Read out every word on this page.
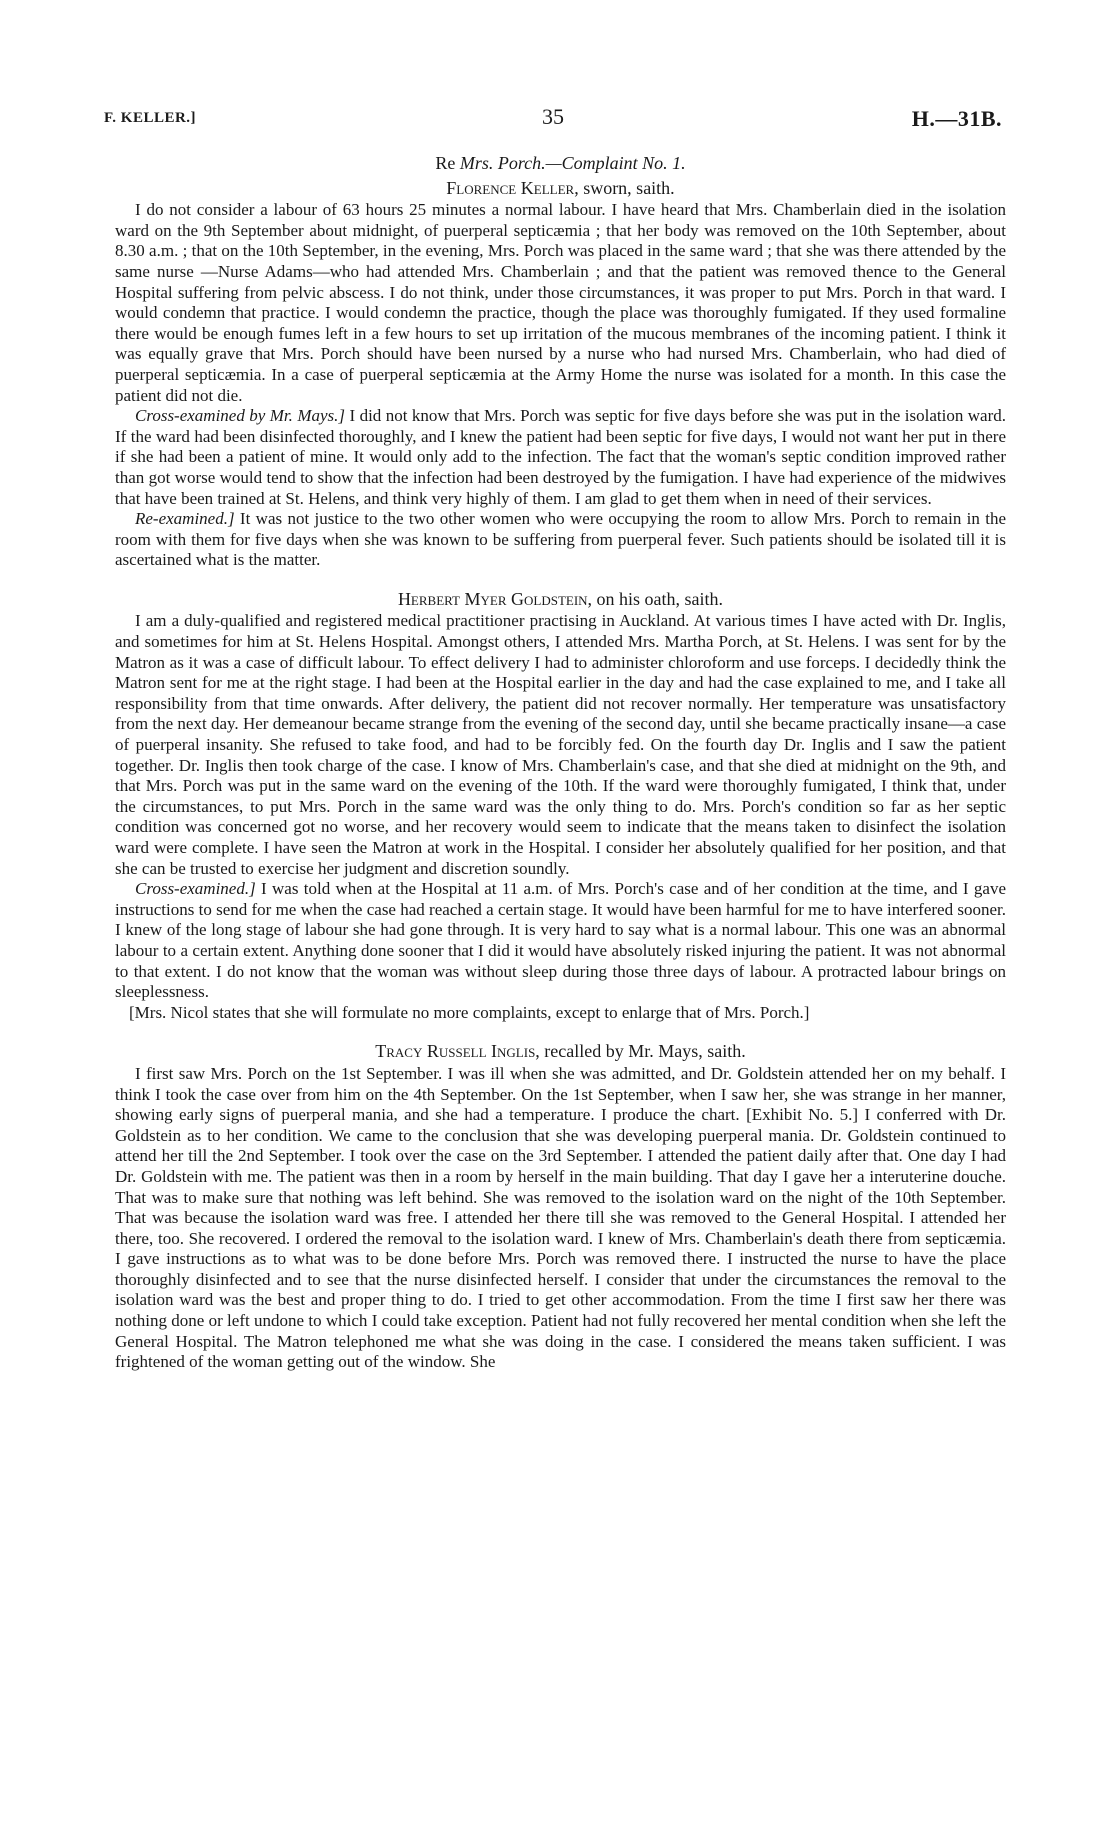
F. KELLER.]	35	H.—31B.
Re Mrs. Porch.—Complaint No. 1.
Florence Keller, sworn, saith.

I do not consider a labour of 63 hours 25 minutes a normal labour. I have heard that Mrs. Chamberlain died in the isolation ward on the 9th September about midnight, of puerperal septicæmia ; that her body was removed on the 10th September, about 8.30 a.m. ; that on the 10th September, in the evening, Mrs. Porch was placed in the same ward ; that she was there attended by the same nurse —Nurse Adams—who had attended Mrs. Chamberlain ; and that the patient was removed thence to the General Hospital suffering from pelvic abscess. I do not think, under those circumstances, it was proper to put Mrs. Porch in that ward. I would condemn that practice. I would condemn the practice, though the place was thoroughly fumigated. If they used formaline there would be enough fumes left in a few hours to set up irritation of the mucous membranes of the incoming patient. I think it was equally grave that Mrs. Porch should have been nursed by a nurse who had nursed Mrs. Chamberlain, who had died of puerperal septicæmia. In a case of puerperal septicæmia at the Army Home the nurse was isolated for a month. In this case the patient did not die.

Cross-examined by Mr. Mays.] I did not know that Mrs. Porch was septic for five days before she was put in the isolation ward. If the ward had been disinfected thoroughly, and I knew the patient had been septic for five days, I would not want her put in there if she had been a patient of mine. It would only add to the infection. The fact that the woman's septic condition improved rather than got worse would tend to show that the infection had been destroyed by the fumigation. I have had experience of the midwives that have been trained at St. Helens, and think very highly of them. I am glad to get them when in need of their services.

Re-examined.] It was not justice to the two other women who were occupying the room to allow Mrs. Porch to remain in the room with them for five days when she was known to be suffering from puerperal fever. Such patients should be isolated till it is ascertained what is the matter.

Herbert Myer Goldstein, on his oath, saith.

I am a duly-qualified and registered medical practitioner practising in Auckland. At various times I have acted with Dr. Inglis, and sometimes for him at St. Helens Hospital. Amongst others, I attended Mrs. Martha Porch, at St. Helens. I was sent for by the Matron as it was a case of difficult labour. To effect delivery I had to administer chloroform and use forceps. I decidedly think the Matron sent for me at the right stage. I had been at the Hospital earlier in the day and had the case explained to me, and I take all responsibility from that time onwards. After delivery, the patient did not recover normally. Her temperature was unsatisfactory from the next day. Her demeanour became strange from the evening of the second day, until she became practically insane—a case of puerperal insanity. She refused to take food, and had to be forcibly fed. On the fourth day Dr. Inglis and I saw the patient together. Dr. Inglis then took charge of the case. I know of Mrs. Chamberlain's case, and that she died at midnight on the 9th, and that Mrs. Porch was put in the same ward on the evening of the 10th. If the ward were thoroughly fumigated, I think that, under the circumstances, to put Mrs. Porch in the same ward was the only thing to do. Mrs. Porch's condition so far as her septic condition was concerned got no worse, and her recovery would seem to indicate that the means taken to disinfect the isolation ward were complete. I have seen the Matron at work in the Hospital. I consider her absolutely qualified for her position, and that she can be trusted to exercise her judgment and discretion soundly.

Cross-examined.] I was told when at the Hospital at 11 a.m. of Mrs. Porch's case and of her condition at the time, and I gave instructions to send for me when the case had reached a certain stage. It would have been harmful for me to have interfered sooner. I knew of the long stage of labour she had gone through. It is very hard to say what is a normal labour. This one was an abnormal labour to a certain extent. Anything done sooner that I did it would have absolutely risked injuring the patient. It was not abnormal to that extent. I do not know that the woman was without sleep during those three days of labour. A protracted labour brings on sleeplessness.

[Mrs. Nicol states that she will formulate no more complaints, except to enlarge that of Mrs. Porch.]

Tracy Russell Inglis, recalled by Mr. Mays, saith.

I first saw Mrs. Porch on the 1st September. I was ill when she was admitted, and Dr. Goldstein attended her on my behalf. I think I took the case over from him on the 4th September. On the 1st September, when I saw her, she was strange in her manner, showing early signs of puerperal mania, and she had a temperature. I produce the chart. [Exhibit No. 5.] I conferred with Dr. Goldstein as to her condition. We came to the conclusion that she was developing puerperal mania. Dr. Goldstein continued to attend her till the 2nd September. I took over the case on the 3rd September. I attended the patient daily after that. One day I had Dr. Goldstein with me. The patient was then in a room by herself in the main building. That day I gave her a interuterine douche. That was to make sure that nothing was left behind. She was removed to the isolation ward on the night of the 10th September. That was because the isolation ward was free. I attended her there till she was removed to the General Hospital. I attended her there, too. She recovered. I ordered the removal to the isolation ward. I knew of Mrs. Chamberlain's death there from septicæmia. I gave instructions as to what was to be done before Mrs. Porch was removed there. I instructed the nurse to have the place thoroughly disinfected and to see that the nurse disinfected herself. I consider that under the circumstances the removal to the isolation ward was the best and proper thing to do. I tried to get other accommodation. From the time I first saw her there was nothing done or left undone to which I could take exception. Patient had not fully recovered her mental condition when she left the General Hospital. The Matron telephoned me what she was doing in the case. I considered the means taken sufficient. I was frightened of the woman getting out of the window. She
